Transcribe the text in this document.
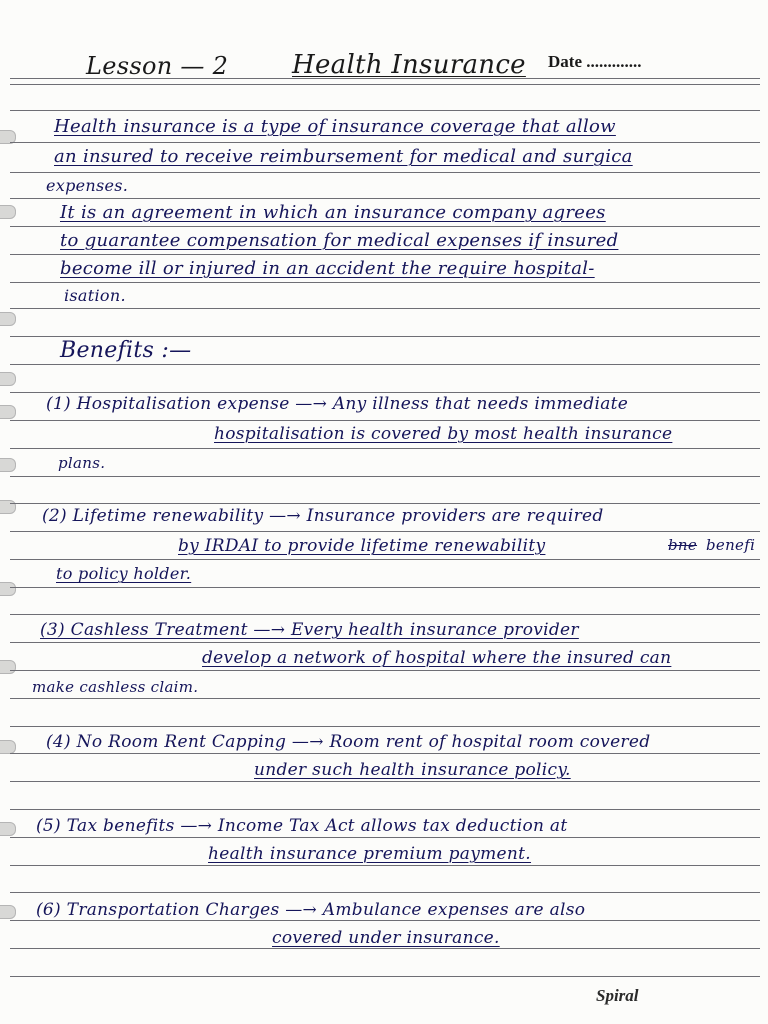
Lesson — 2 Health Insurance Date .............
Health insurance is a type of insurance coverage that allow
an insured to receive reimbursement for medical and surgica
expenses.
It is an agreement in which an insurance company agrees
to guarantee compensation for medical expenses if insured
become ill or injured in an accident the require hospital-
isation.
Benefits :—
(1) Hospitalisation expense —→ Any illness that needs immediate
hospitalisation is covered by most health insurance
plans.
(2) Lifetime renewability —→ Insurance providers are required
by IRDAI to provide lifetime renewability	bne benefi
to policy holder.
(3) Cashless Treatment —→ Every health insurance provider
develop a network of hospital where the insured can
make cashless claim.
(4) No Room Rent Capping —→ Room rent of hospital room covered
under such health insurance policy.
(5) Tax benefits —→ Income Tax Act allows tax deduction at
health insurance premium payment.
(6) Transportation Charges —→ Ambulance expenses are also
covered under insurance.
Spiral
